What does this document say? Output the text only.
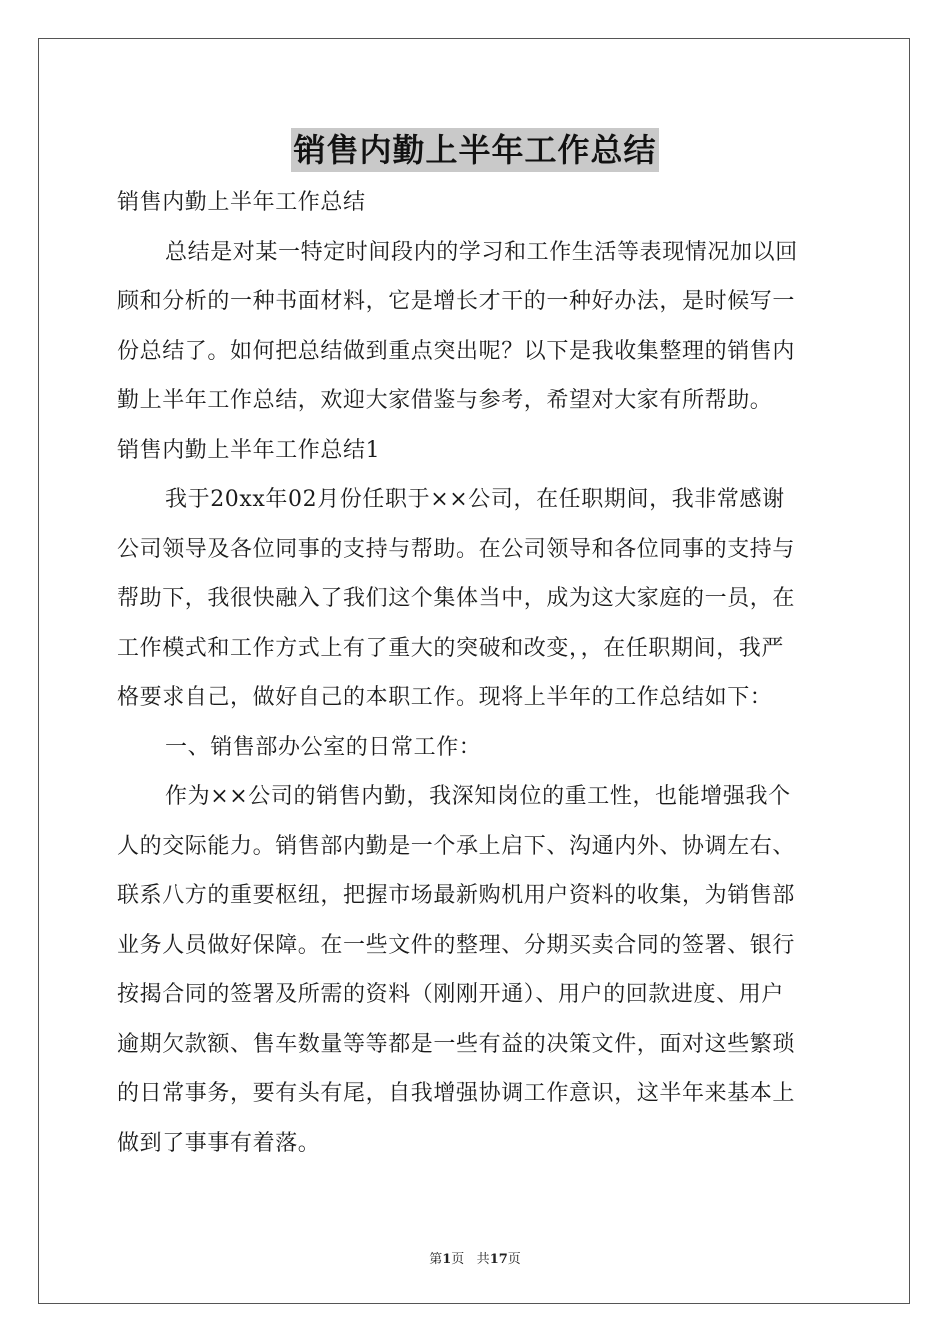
销售内勤上半年工作总结
销售内勤上半年工作总结
总结是对某一特定时间段内的学习和工作生活等表现情况加以回
顾和分析的一种书面材料，它是增长才干的一种好办法，是时候写一
份总结了。如何把总结做到重点突出呢？以下是我收集整理的销售内
勤上半年工作总结，欢迎大家借鉴与参考，希望对大家有所帮助。
销售内勤上半年工作总结1
我于20xx年02月份任职于××公司，在任职期间，我非常感谢
公司领导及各位同事的支持与帮助。在公司领导和各位同事的支持与
帮助下，我很快融入了我们这个集体当中，成为这大家庭的一员，在
工作模式和工作方式上有了重大的突破和改变，，在任职期间，我严
格要求自己，做好自己的本职工作。现将上半年的工作总结如下：
一、销售部办公室的日常工作：
作为××公司的销售内勤，我深知岗位的重工性，也能增强我个
人的交际能力。销售部内勤是一个承上启下、沟通内外、协调左右、
联系八方的重要枢纽，把握市场最新购机用户资料的收集，为销售部
业务人员做好保障。在一些文件的整理、分期买卖合同的签署、银行
按揭合同的签署及所需的资料（刚刚开通）、用户的回款进度、用户
逾期欠款额、售车数量等等都是一些有益的决策文件，面对这些繁琐
的日常事务，要有头有尾，自我增强协调工作意识，这半年来基本上
做到了事事有着落。
第1页 共17页
